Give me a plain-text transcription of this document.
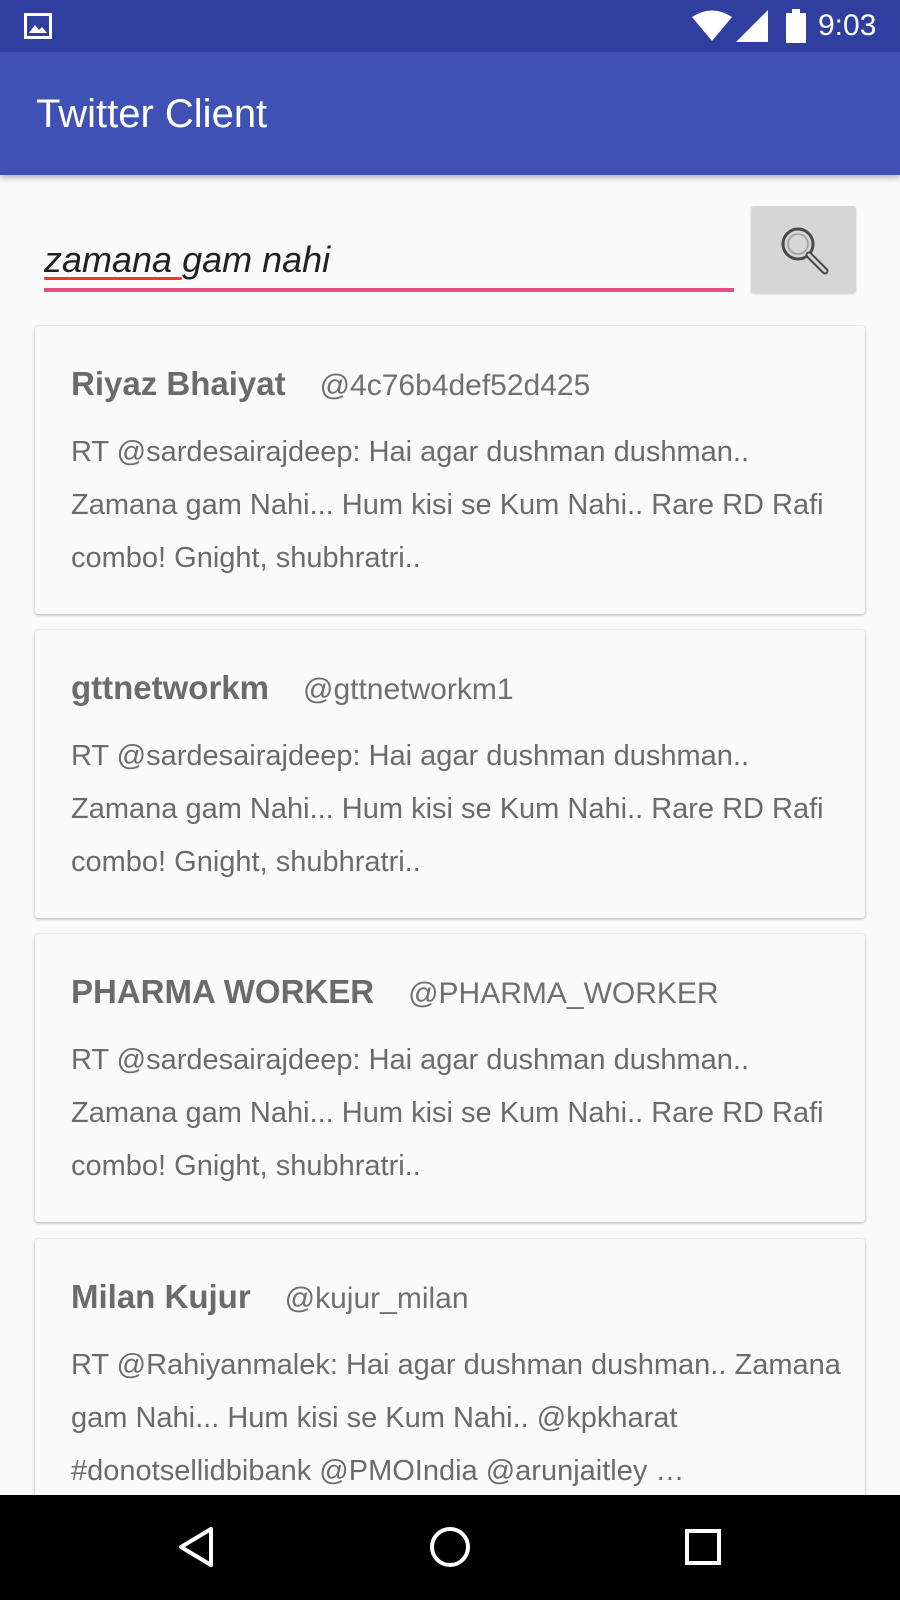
9:03
Twitter Client
zamana gam nahi
Riyaz Bhaiyat @4c76b4def52d425
RT @sardesairajdeep: Hai agar dushman dushman.. Zamana gam Nahi... Hum kisi se Kum Nahi.. Rare RD Rafi combo! Gnight, shubhratri..
gttnetworkm @gttnetworkm1
RT @sardesairajdeep: Hai agar dushman dushman.. Zamana gam Nahi... Hum kisi se Kum Nahi.. Rare RD Rafi combo! Gnight, shubhratri..
PHARMA WORKER @PHARMA_WORKER
RT @sardesairajdeep: Hai agar dushman dushman.. Zamana gam Nahi... Hum kisi se Kum Nahi.. Rare RD Rafi combo! Gnight, shubhratri..
Milan Kujur @kujur_milan
RT @Rahiyanmalek: Hai agar dushman dushman.. Zamana gam Nahi... Hum kisi se Kum Nahi.. @kpkharat #donotsellidbibank @PMOIndia @arunjaitley …
